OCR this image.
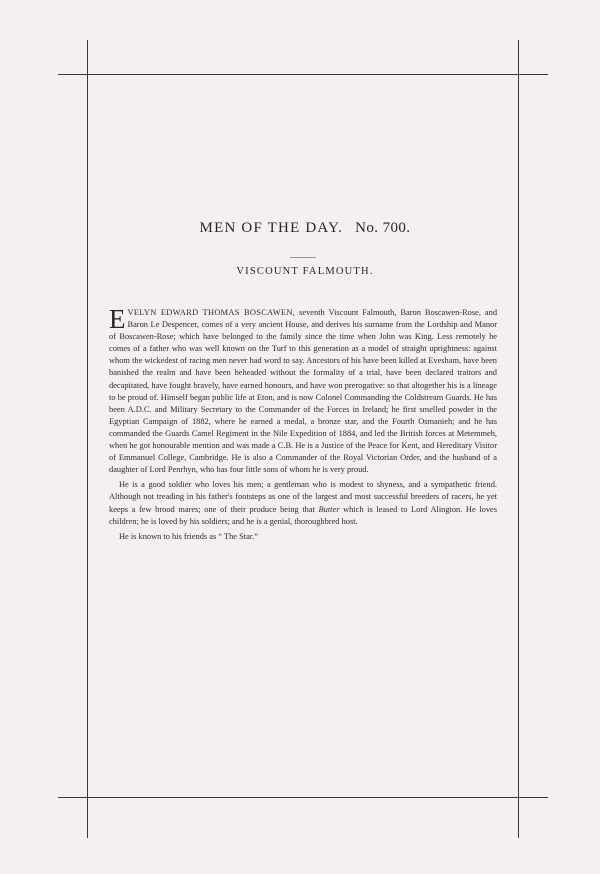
MEN OF THE DAY. No. 700.
VISCOUNT FALMOUTH.

EVELYN EDWARD THOMAS BOSCAWEN, seventh Viscount Falmouth, Baron Boscawen-Rose, and Baron Le Despencer, comes of a very ancient House, and derives his surname from the Lordship and Manor of Boscawen-Rose; which have belonged to the family since the time when John was King. Less remotely he comes of a father who was well known on the Turf to this generation as a model of straight uprightness: against whom the wickedest of racing men never had word to say. Ancestors of his have been killed at Evesham, have been banished the realm and have been beheaded without the formality of a trial, have been declared traitors and decapitated, have fought bravely, have earned honours, and have won prerogative: so that altogether his is a lineage to be proud of. Himself began public life at Eton, and is now Colonel Commanding the Coldstream Guards. He has been A.D.C. and Military Secretary to the Commander of the Forces in Ireland; he first smelled powder in the Egyptian Campaign of 1882, where he earned a medal, a bronze star, and the Fourth Osmanieh; and he has commanded the Guards Camel Regiment in the Nile Expedition of 1884, and led the British forces at Metemmeh, when he got honourable mention and was made a C.B. He is a Justice of the Peace for Kent, and Hereditary Visitor of Emmanuel College, Cambridge. He is also a Commander of the Royal Victorian Order, and the husband of a daughter of Lord Penrhyn, who has four little sons of whom he is very proud.

He is a good soldier who loves his men; a gentleman who is modest to shyness, and a sympathetic friend. Although not treading in his father's footsteps as one of the largest and most successful breeders of racers, he yet keeps a few brood mares; one of their produce being that Butter which is leased to Lord Alington. He loves children; he is loved by his soldiers; and he is a genial, thoroughbred host.

He is known to his friends as “ The Star.”
